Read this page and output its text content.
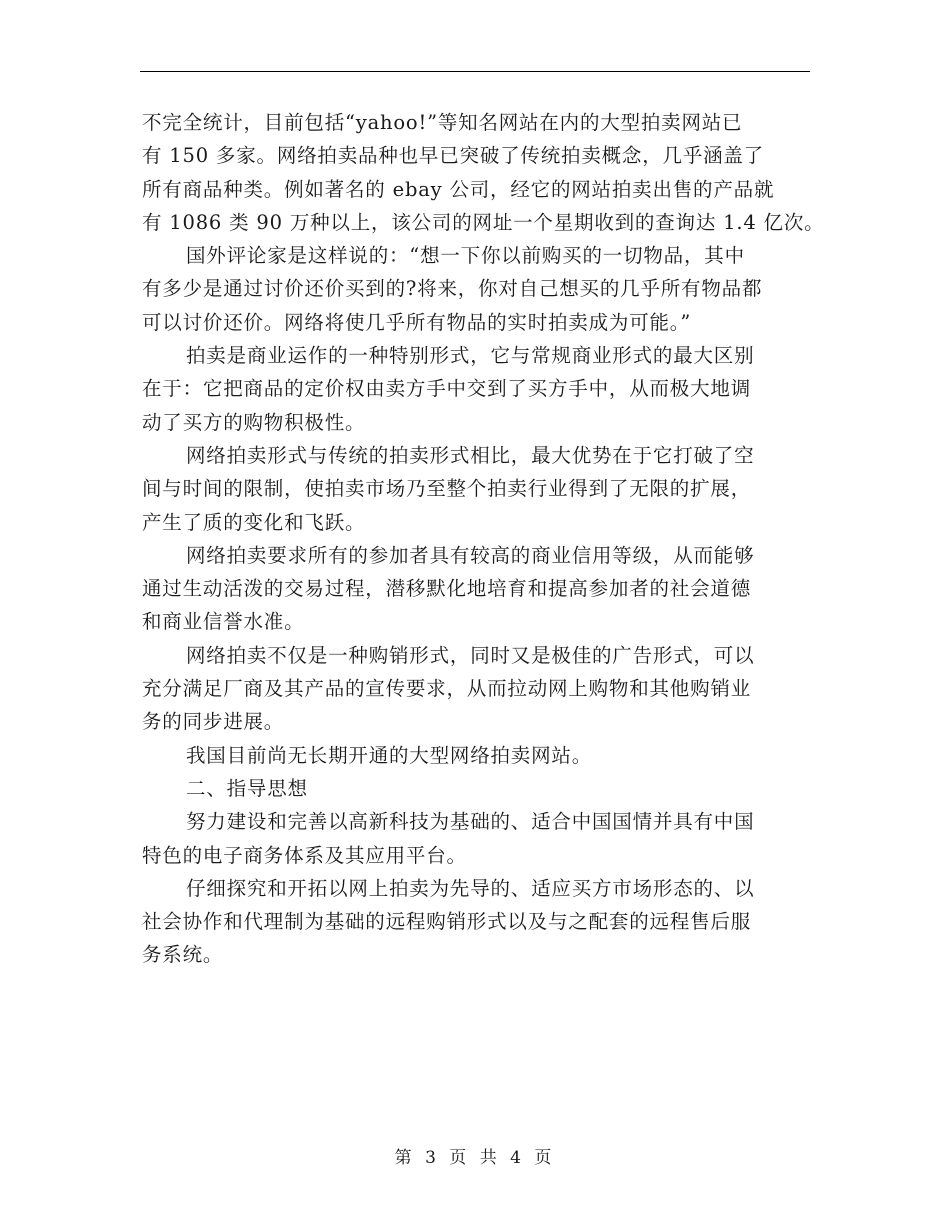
不完全统计，目前包括“yahoo!”等知名网站在内的大型拍卖网站已
有 150 多家。网络拍卖品种也早已突破了传统拍卖概念，几乎涵盖了
所有商品种类。例如著名的 ebay 公司，经它的网站拍卖出售的产品就
有 1086 类 90 万种以上，该公司的网址一个星期收到的查询达 1.4 亿次。
国外评论家是这样说的：“想一下你以前购买的一切物品，其中
有多少是通过讨价还价买到的?将来，你对自己想买的几乎所有物品都
可以讨价还价。网络将使几乎所有物品的实时拍卖成为可能。”
拍卖是商业运作的一种特别形式，它与常规商业形式的最大区别
在于：它把商品的定价权由卖方手中交到了买方手中，从而极大地调
动了买方的购物积极性。
网络拍卖形式与传统的拍卖形式相比，最大优势在于它打破了空
间与时间的限制，使拍卖市场乃至整个拍卖行业得到了无限的扩展，
产生了质的变化和飞跃。
网络拍卖要求所有的参加者具有较高的商业信用等级，从而能够
通过生动活泼的交易过程，潜移默化地培育和提高参加者的社会道德
和商业信誉水准。
网络拍卖不仅是一种购销形式，同时又是极佳的广告形式，可以
充分满足厂商及其产品的宣传要求，从而拉动网上购物和其他购销业
务的同步进展。
我国目前尚无长期开通的大型网络拍卖网站。
二、指导思想
努力建设和完善以高新科技为基础的、适合中国国情并具有中国
特色的电子商务体系及其应用平台。
仔细探究和开拓以网上拍卖为先导的、适应买方市场形态的、以
社会协作和代理制为基础的远程购销形式以及与之配套的远程售后服
务系统。
第 3 页 共 4 页
